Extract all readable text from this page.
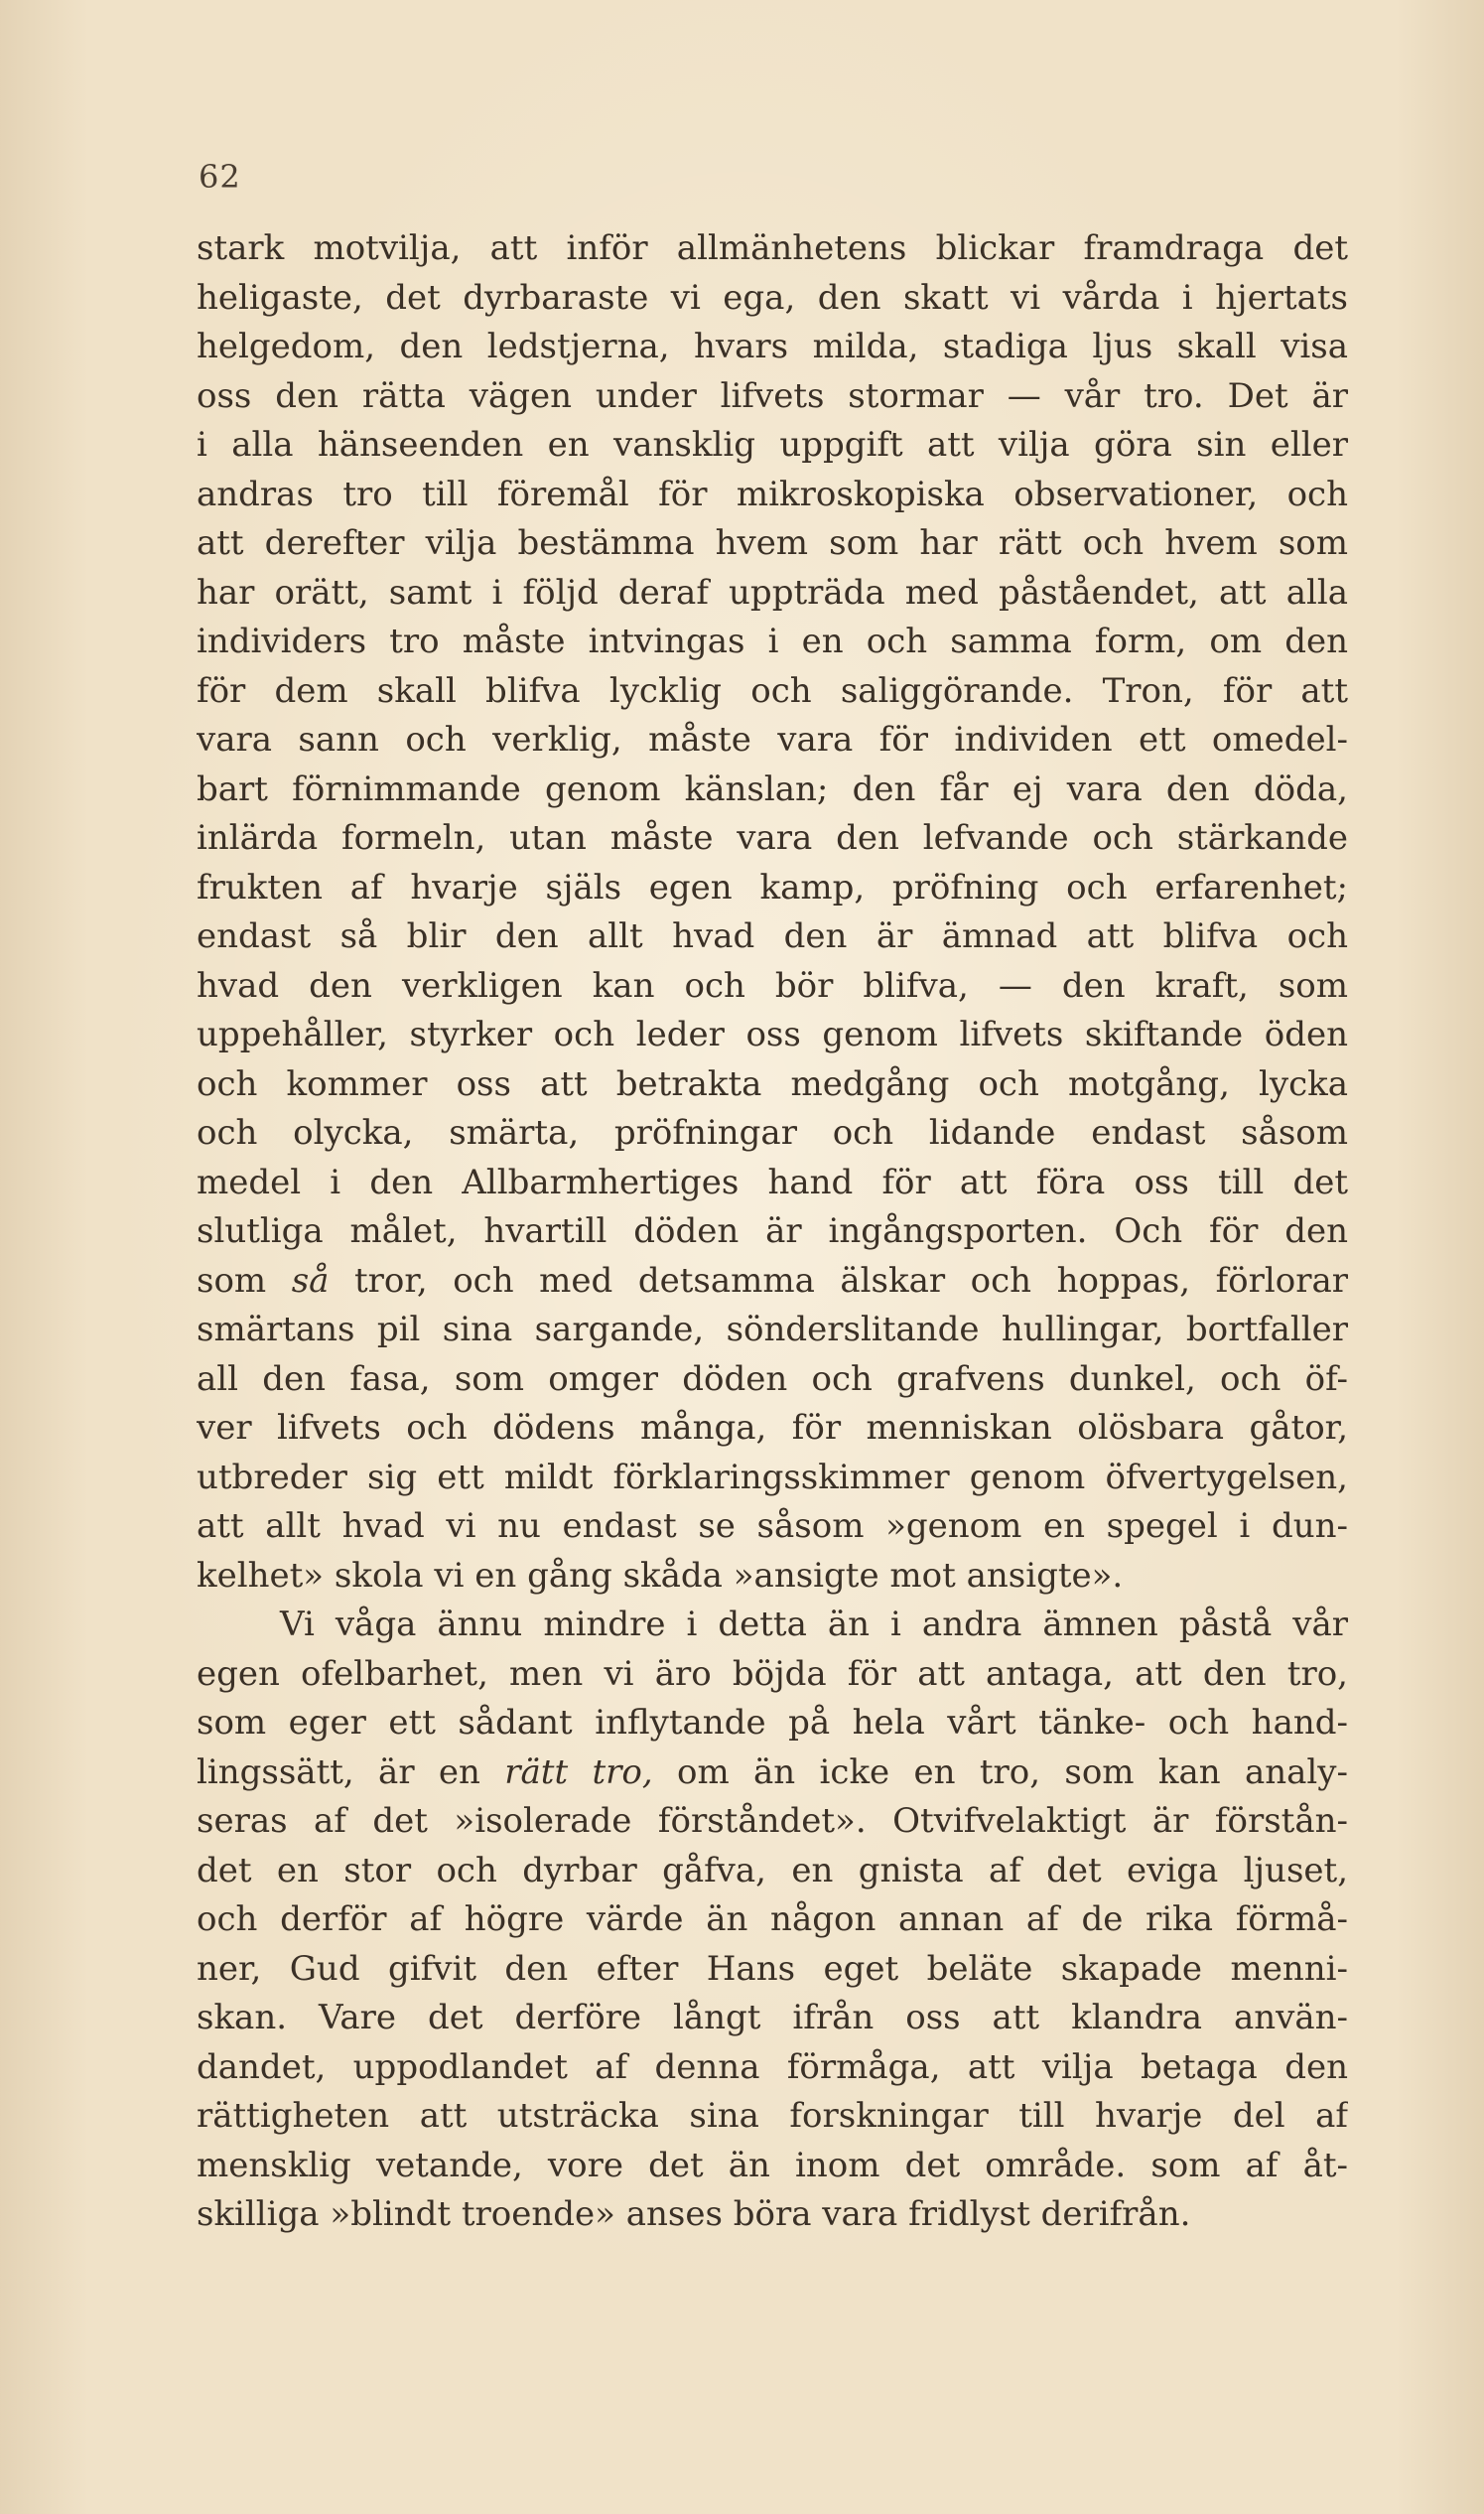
62
stark motvilja, att inför allmänhetens blickar framdraga det
heligaste, det dyrbaraste vi ega, den skatt vi vårda i hjertats
helgedom, den ledstjerna, hvars milda, stadiga ljus skall visa
oss den rätta vägen under lifvets stormar — vår tro. Det är
i alla hänseenden en vansklig uppgift att vilja göra sin eller
andras tro till föremål för mikroskopiska observationer, och
att derefter vilja bestämma hvem som har rätt och hvem som
har orätt, samt i följd deraf uppträda med påståendet, att alla
individers tro måste intvingas i en och samma form, om den
för dem skall blifva lycklig och saliggörande. Tron, för att
vara sann och verklig, måste vara för individen ett omedel-
bart förnimmande genom känslan; den får ej vara den döda,
inlärda formeln, utan måste vara den lefvande och stärkande
frukten af hvarje själs egen kamp, pröfning och erfarenhet;
endast så blir den allt hvad den är ämnad att blifva och
hvad den verkligen kan och bör blifva, — den kraft, som
uppehåller, styrker och leder oss genom lifvets skiftande öden
och kommer oss att betrakta medgång och motgång, lycka
och olycka, smärta, pröfningar och lidande endast såsom
medel i den Allbarmhertiges hand för att föra oss till det
slutliga målet, hvartill döden är ingångsporten. Och för den
som så tror, och med detsamma älskar och hoppas, förlorar
smärtans pil sina sargande, sönderslitande hullingar, bortfaller
all den fasa, som omger döden och grafvens dunkel, och öf-
ver lifvets och dödens många, för menniskan olösbara gåtor,
utbreder sig ett mildt förklaringsskimmer genom öfvertygelsen,
att allt hvad vi nu endast se såsom »genom en spegel i dun-
kelhet» skola vi en gång skåda »ansigte mot ansigte».
Vi våga ännu mindre i detta än i andra ämnen påstå vår
egen ofelbarhet, men vi äro böjda för att antaga, att den tro,
som eger ett sådant inflytande på hela vårt tänke- och hand-
lingssätt, är en rätt tro, om än icke en tro, som kan analy-
seras af det »isolerade förståndet». Otvifvelaktigt är förstån-
det en stor och dyrbar gåfva, en gnista af det eviga ljuset,
och derför af högre värde än någon annan af de rika förmå-
ner, Gud gifvit den efter Hans eget beläte skapade menni-
skan. Vare det derföre långt ifrån oss att klandra använ-
dandet, uppodlandet af denna förmåga, att vilja betaga den
rättigheten att utsträcka sina forskningar till hvarje del af
mensklig vetande, vore det än inom det område. som af åt-
skilliga »blindt troende» anses böra vara fridlyst derifrån.
